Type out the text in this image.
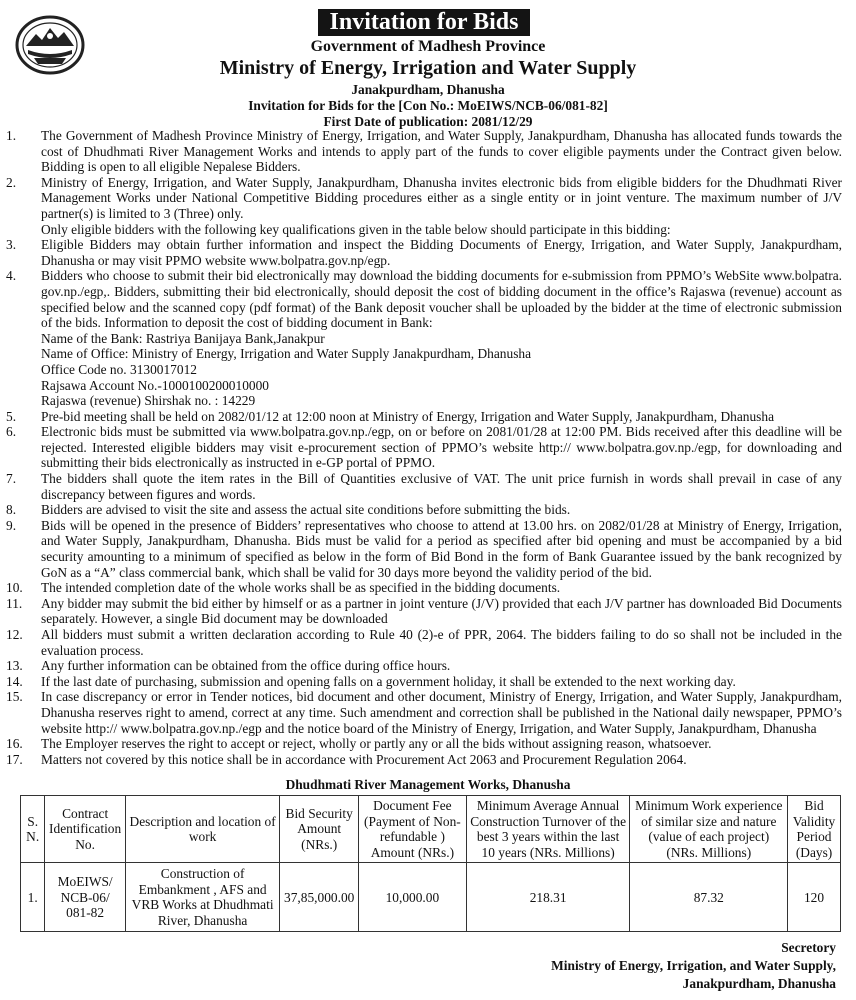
Invitation for Bids
Government of Madhesh Province
Ministry of Energy, Irrigation and Water Supply
Janakpurdham, Dhanusha
Invitation for Bids for the [Con No.: MoEIWS/NCB-06/081-82]
First Date of publication: 2081/12/29
1. The Government of Madhesh Province Ministry of Energy, Irrigation, and Water Supply, Janakpurdham, Dhanusha has allocated funds towards the cost of Dhudhmati River Management Works and intends to apply part of the funds to cover eligible payments under the Contract given below. Bidding is open to all eligible Nepalese Bidders.
2. Ministry of Energy, Irrigation, and Water Supply, Janakpurdham, Dhanusha invites electronic bids from eligible bidders for the Dhudhmati River Management Works under National Competitive Bidding procedures either as a single entity or in joint venture. The maximum number of J/V partner(s) is limited to 3 (Three) only.
Only eligible bidders with the following key qualifications given in the table below should participate in this bidding:
3. Eligible Bidders may obtain further information and inspect the Bidding Documents of Energy, Irrigation, and Water Supply, Janakpurdham, Dhanusha or may visit PPMO website www.bolpatra.gov.np/egp.
4. Bidders who choose to submit their bid electronically may download the bidding documents for e-submission from PPMO’s WebSite www.bolpatra. gov.np./egp,. Bidders, submitting their bid electronically, should deposit the cost of bidding document in the office’s Rajaswa (revenue) account as specified below and the scanned copy (pdf format) of the Bank deposit voucher shall be uploaded by the bidder at the time of electronic submission of the bids. Information to deposit the cost of bidding document in Bank:
Name of the Bank: Rastriya Banijaya Bank,Janakpur
Name of Office: Ministry of Energy, Irrigation and Water Supply Janakpurdham, Dhanusha
Office Code no. 3130017012
Rajsawa Account No.-1000100200010000
Rajaswa (revenue) Shirshak no. : 14229
5. Pre-bid meeting shall be held on 2082/01/12 at 12:00 noon at Ministry of Energy, Irrigation and Water Supply, Janakpurdham, Dhanusha
6. Electronic bids must be submitted via www.bolpatra.gov.np./egp, on or before on 2081/01/28 at 12:00 PM. Bids received after this deadline will be rejected. Interested eligible bidders may visit e-procurement section of PPMO’s website http:// www.bolpatra.gov.np./egp, for downloading and submitting their bids electronically as instructed in e-GP portal of PPMO.
7. The bidders shall quote the item rates in the Bill of Quantities exclusive of VAT. The unit price furnish in words shall prevail in case of any discrepancy between figures and words.
8. Bidders are advised to visit the site and assess the actual site conditions before submitting the bids.
9. Bids will be opened in the presence of Bidders’ representatives who choose to attend at 13.00 hrs. on 2082/01/28 at Ministry of Energy, Irrigation, and Water Supply, Janakpurdham, Dhanusha. Bids must be valid for a period as specified after bid opening and must be accompanied by a bid security amounting to a minimum of specified as below in the form of Bid Bond in the form of Bank Guarantee issued by the bank recognized by GoN as a “A” class commercial bank, which shall be valid for 30 days more beyond the validity period of the bid.
10. The intended completion date of the whole works shall be as specified in the bidding documents.
11. Any bidder may submit the bid either by himself or as a partner in joint venture (J/V) provided that each J/V partner has downloaded Bid Documents separately. However, a single Bid document may be downloaded
12. All bidders must submit a written declaration according to Rule 40 (2)-e of PPR, 2064. The bidders failing to do so shall not be included in the evaluation process.
13. Any further information can be obtained from the office during office hours.
14. If the last date of purchasing, submission and opening falls on a government holiday, it shall be extended to the next working day.
15. In case discrepancy or error in Tender notices, bid document and other document, Ministry of Energy, Irrigation, and Water Supply, Janakpurdham, Dhanusha reserves right to amend, correct at any time. Such amendment and correction shall be published in the National daily newspaper, PPMO’s website http:// www.bolpatra.gov.np./egp and the notice board of the Ministry of Energy, Irrigation, and Water Supply, Janakpurdham, Dhanusha
16. The Employer reserves the right to accept or reject, wholly or partly any or all the bids without assigning reason, whatsoever.
17. Matters not covered by this notice shall be in accordance with Procurement Act 2063 and Procurement Regulation 2064.
Dhudhmati River Management Works, Dhanusha
S. N.	Contract Identification No.	Description and location of work	Bid Security Amount (NRs.)	Document Fee (Payment of Non-refundable ) Amount (NRs.)	Minimum Average Annual Construction Turnover of the best 3 years within the last 10 years (NRs. Millions)	Minimum Work experience of similar size and nature (value of each project) (NRs. Millions)	Bid Validity Period (Days)
1.	MoEIWS/ NCB-06/ 081-82	Construction of Embankment , AFS and VRB Works at Dhudhmati River, Dhanusha	37,85,000.00	10,000.00	218.31	87.32	120
Secretory
Ministry of Energy, Irrigation, and Water Supply,
Janakpurdham, Dhanusha
